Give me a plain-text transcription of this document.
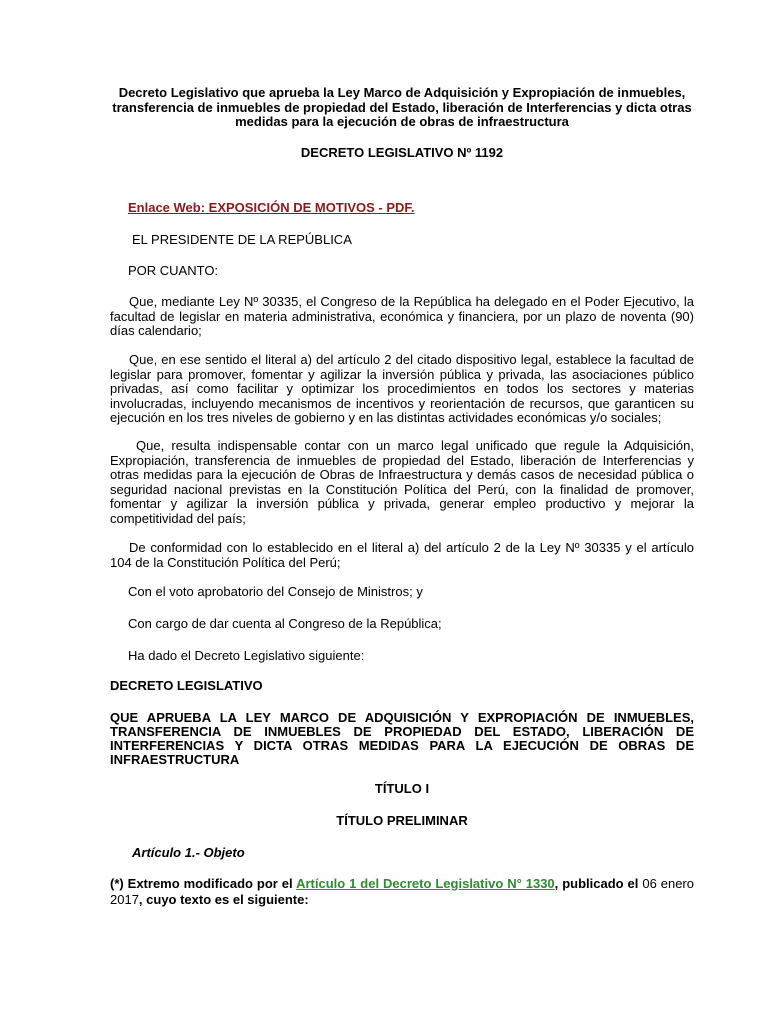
Decreto Legislativo que aprueba la Ley Marco de Adquisición y Expropiación de inmuebles, transferencia de inmuebles de propiedad del Estado, liberación de Interferencias y dicta otras medidas para la ejecución de obras de infraestructura
DECRETO LEGISLATIVO Nº 1192
Enlace Web: EXPOSICIÓN DE MOTIVOS - PDF.
EL PRESIDENTE DE LA REPÚBLICA
POR CUANTO:
Que, mediante Ley Nº 30335, el Congreso de la República ha delegado en el Poder Ejecutivo, la facultad de legislar en materia administrativa, económica y financiera, por un plazo de noventa (90) días calendario;
Que, en ese sentido el literal a) del artículo 2 del citado dispositivo legal, establece la facultad de legislar para promover, fomentar y agilizar la inversión pública y privada, las asociaciones público privadas, así como facilitar y optimizar los procedimientos en todos los sectores y materias involucradas, incluyendo mecanismos de incentivos y reorientación de recursos, que garanticen su ejecución en los tres niveles de gobierno y en las distintas actividades económicas y/o sociales;
Que, resulta indispensable contar con un marco legal unificado que regule la Adquisición, Expropiación, transferencia de inmuebles de propiedad del Estado, liberación de Interferencias y otras medidas para la ejecución de Obras de Infraestructura y demás casos de necesidad pública o seguridad nacional previstas en la Constitución Política del Perú, con la finalidad de promover, fomentar y agilizar la inversión pública y privada, generar empleo productivo y mejorar la competitividad del país;
De conformidad con lo establecido en el literal a) del artículo 2 de la Ley Nº 30335 y el artículo 104 de la Constitución Política del Perú;
Con el voto aprobatorio del Consejo de Ministros; y
Con cargo de dar cuenta al Congreso de la República;
Ha dado el Decreto Legislativo siguiente:
DECRETO LEGISLATIVO
QUE APRUEBA LA LEY MARCO DE ADQUISICIÓN Y EXPROPIACIÓN DE INMUEBLES, TRANSFERENCIA DE INMUEBLES DE PROPIEDAD DEL ESTADO, LIBERACIÓN DE INTERFERENCIAS Y DICTA OTRAS MEDIDAS PARA LA EJECUCIÓN DE OBRAS DE INFRAESTRUCTURA
TÍTULO I
TÍTULO PRELIMINAR
Artículo 1.- Objeto
(*) Extremo modificado por el Artículo 1 del Decreto Legislativo N° 1330, publicado el 06 enero
2017, cuyo texto es el siguiente:
